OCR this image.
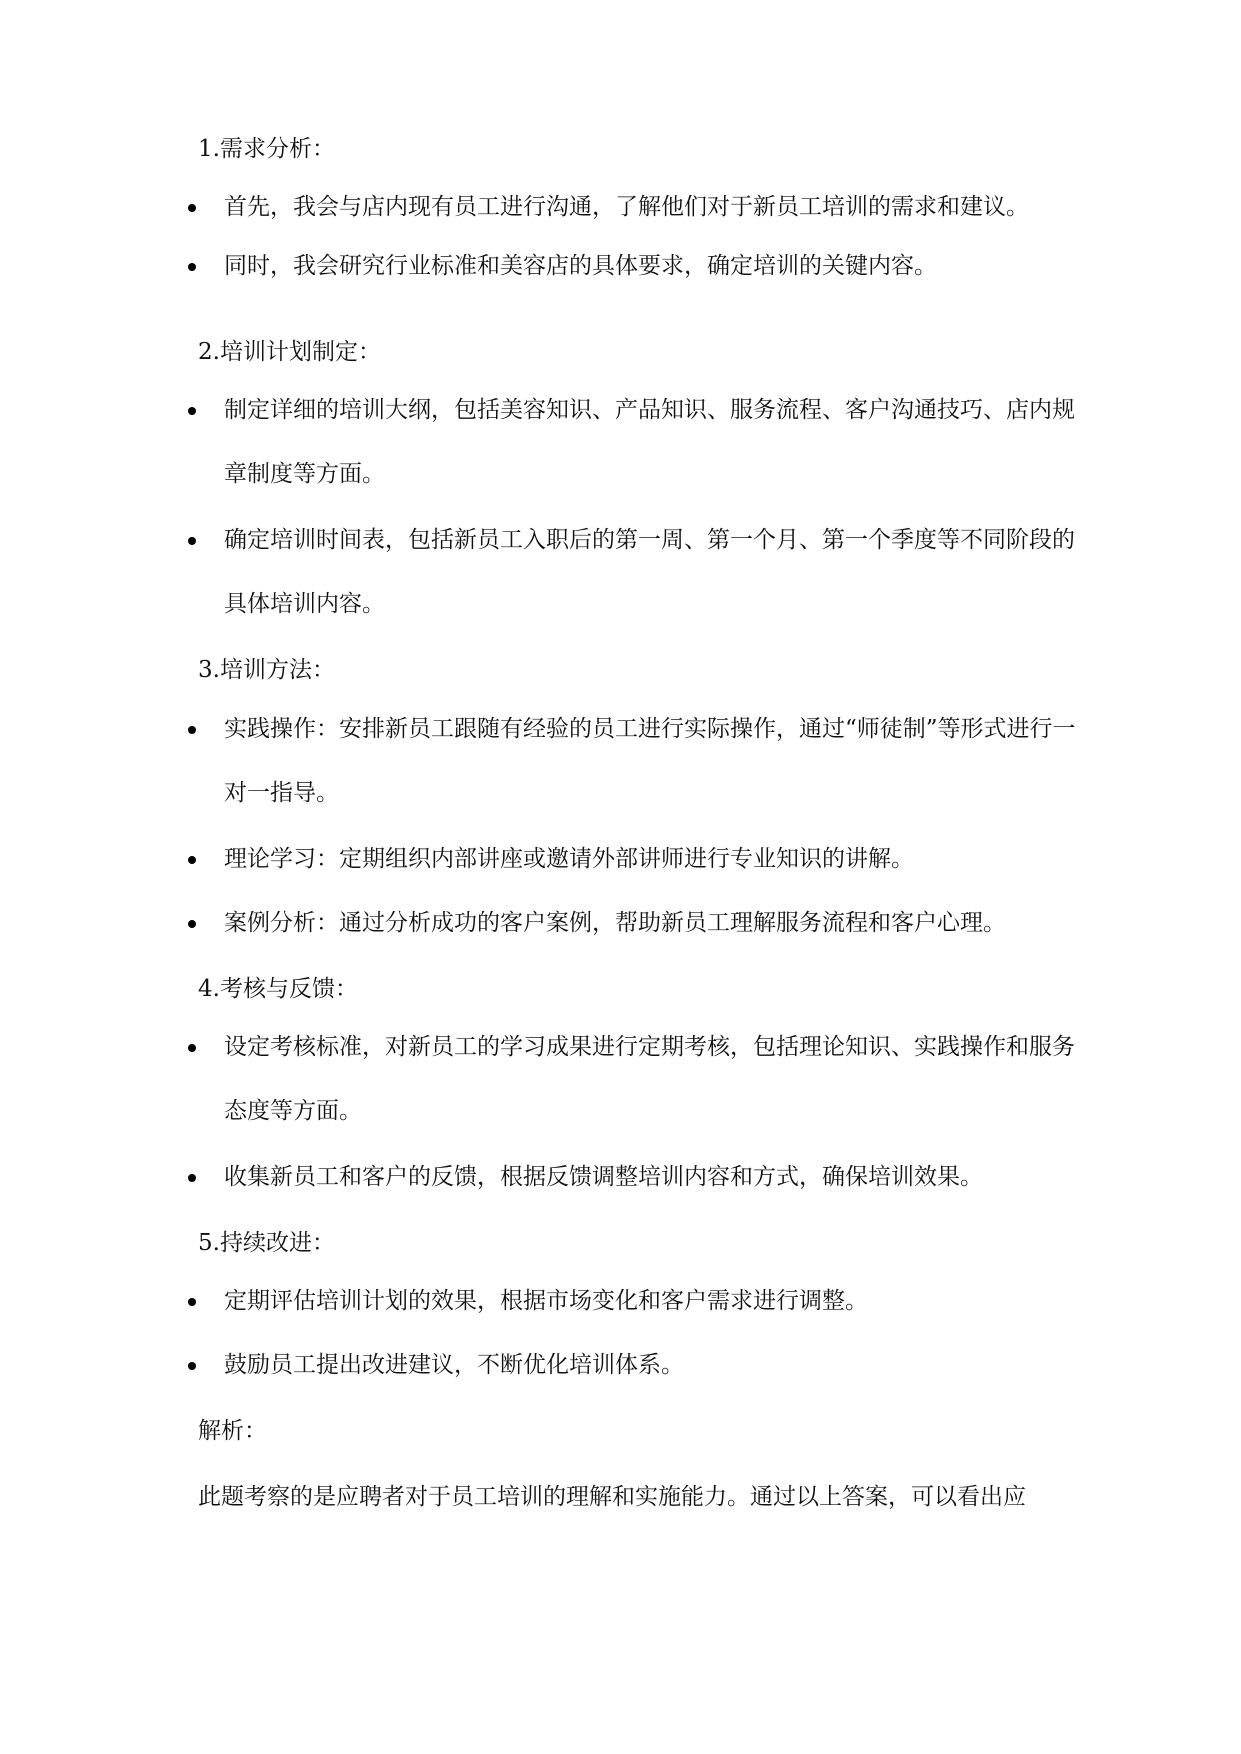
1.需求分析：
首先，我会与店内现有员工进行沟通，了解他们对于新员工培训的需求和建议。
同时，我会研究行业标准和美容店的具体要求，确定培训的关键内容。
2.培训计划制定：
制定详细的培训大纲，包括美容知识、产品知识、服务流程、客户沟通技巧、店内规章制度等方面。
确定培训时间表，包括新员工入职后的第一周、第一个月、第一个季度等不同阶段的具体培训内容。
3.培训方法：
实践操作：安排新员工跟随有经验的员工进行实际操作，通过“师徒制”等形式进行一对一指导。
理论学习：定期组织内部讲座或邀请外部讲师进行专业知识的讲解。
案例分析：通过分析成功的客户案例，帮助新员工理解服务流程和客户心理。
4.考核与反馈：
设定考核标准，对新员工的学习成果进行定期考核，包括理论知识、实践操作和服务态度等方面。
收集新员工和客户的反馈，根据反馈调整培训内容和方式，确保培训效果。
5.持续改进：
定期评估培训计划的效果，根据市场变化和客户需求进行调整。
鼓励员工提出改进建议，不断优化培训体系。
解析：
此题考察的是应聘者对于员工培训的理解和实施能力。通过以上答案，可以看出应
